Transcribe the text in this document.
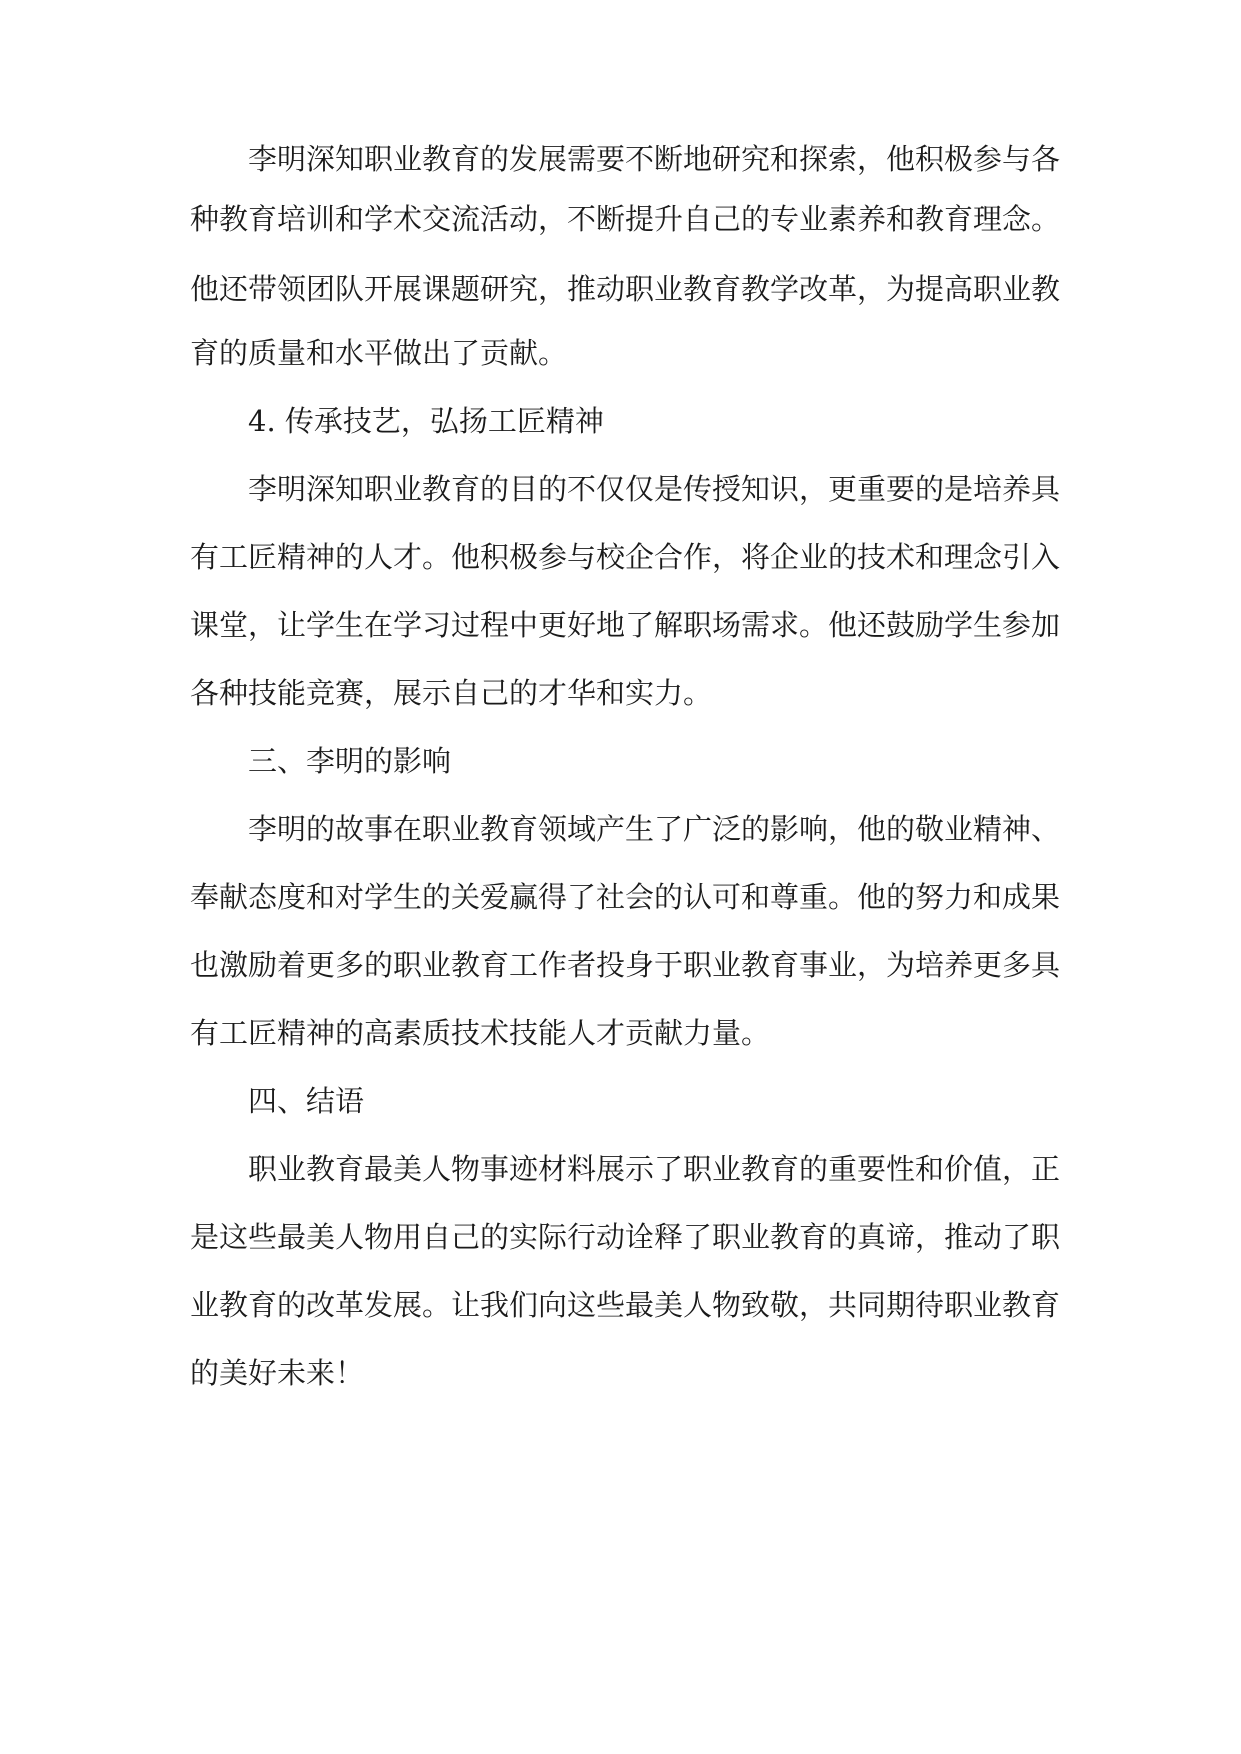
李明深知职业教育的发展需要不断地研究和探索，他积极参与各
种教育培训和学术交流活动，不断提升自己的专业素养和教育理念。
他还带领团队开展课题研究，推动职业教育教学改革，为提高职业教
育的质量和水平做出了贡献。
4. 传承技艺，弘扬工匠精神
李明深知职业教育的目的不仅仅是传授知识，更重要的是培养具
有工匠精神的人才。他积极参与校企合作，将企业的技术和理念引入
课堂，让学生在学习过程中更好地了解职场需求。他还鼓励学生参加
各种技能竞赛，展示自己的才华和实力。
三、李明的影响
李明的故事在职业教育领域产生了广泛的影响，他的敬业精神、
奉献态度和对学生的关爱赢得了社会的认可和尊重。他的努力和成果
也激励着更多的职业教育工作者投身于职业教育事业，为培养更多具
有工匠精神的高素质技术技能人才贡献力量。
四、结语
职业教育最美人物事迹材料展示了职业教育的重要性和价值，正
是这些最美人物用自己的实际行动诠释了职业教育的真谛，推动了职
业教育的改革发展。让我们向这些最美人物致敬，共同期待职业教育
的美好未来！
